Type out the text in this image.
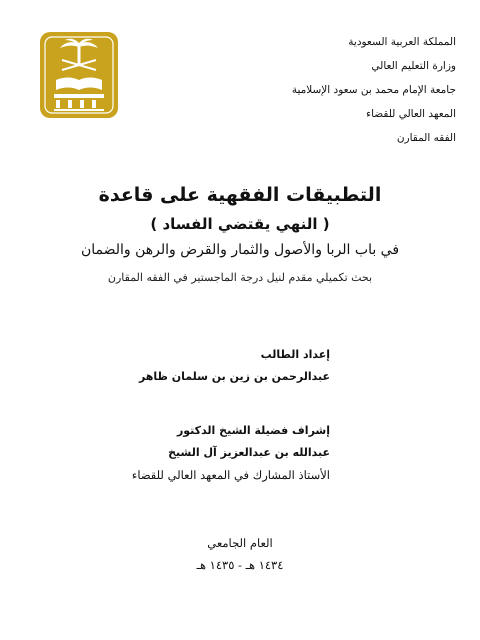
المملكة العربية السعودية
وزارة التعليم العالي
جامعة الإمام محمد بن سعود الإسلامية
المعهد العالي للقضاء
الفقه المقارن
التطبيقات الفقهية على قاعدة
( النهي يقتضي الفساد )
في باب الربا والأصول والثمار والقرض والرهن والضمان
بحث تكميلي مقدم لنيل درجة الماجستير في الفقه المقارن
إعداد الطالب
عبدالرحمن بن زين بن سلمان ظاهر
إشراف فضيلة الشيخ الدكتور
عبدالله بن عبدالعزيز آل الشيخ
الأستاذ المشارك في المعهد العالي للقضاء
العام الجامعي
١٤٣٤ هـ - ١٤٣٥ هـ
